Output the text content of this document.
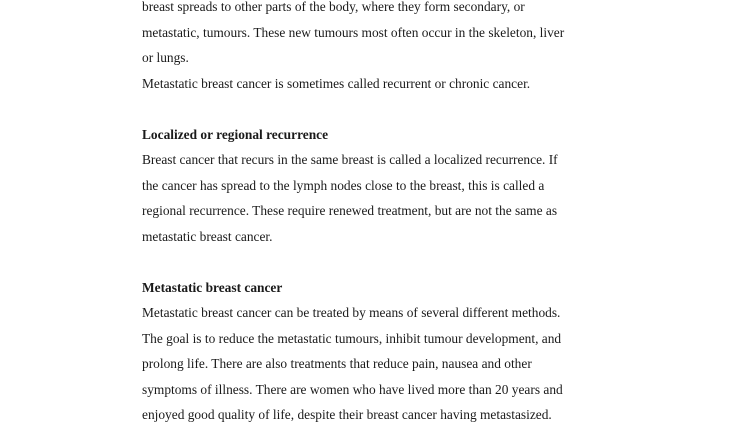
breast spreads to other parts of the body, where they form secondary, or
metastatic, tumours. These new tumours most often occur in the skeleton, liver
or lungs.
Metastatic breast cancer is sometimes called recurrent or chronic cancer.
Localized or regional recurrence
Breast cancer that recurs in the same breast is called a localized recurrence. If
the cancer has spread to the lymph nodes close to the breast, this is called a
regional recurrence. These require renewed treatment, but are not the same as
metastatic breast cancer.
Metastatic breast cancer
Metastatic breast cancer can be treated by means of several different methods.
The goal is to reduce the metastatic tumours, inhibit tumour development, and
prolong life. There are also treatments that reduce pain, nausea and other
symptoms of illness. There are women who have lived more than 20 years and
enjoyed good quality of life, despite their breast cancer having metastasized.
